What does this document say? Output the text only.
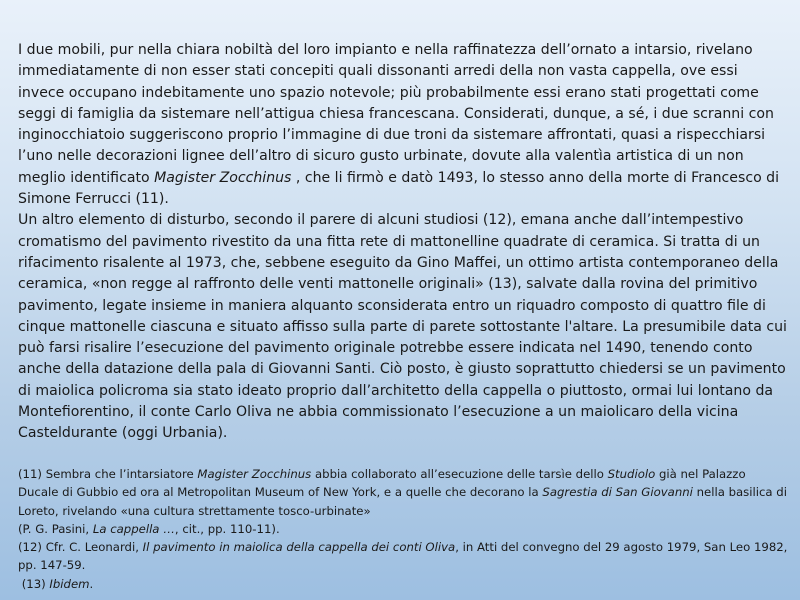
I due mobili, pur nella chiara nobiltà del loro impianto e nella raffinatezza dell’ornato a intarsio, rivelano immediatamente di non esser stati concepiti quali dissonanti arredi della non vasta cappella, ove essi invece occupano indebitamente uno spazio notevole; più probabilmente essi erano stati progettati come seggi di famiglia da sistemare nell’attigua chiesa francescana. Considerati, dunque, a sé, i due scranni con inginocchiatoio suggeriscono proprio l’immagine di due troni da sistemare affrontati, quasi a rispecchiarsi l’uno nelle decorazioni lignee dell’altro di sicuro gusto urbinate, dovute alla valentìa artistica di un non meglio identificato Magister Zocchinus , che li firmò e datò 1493, lo stesso anno della morte di Francesco di Simone Ferrucci (11).

Un altro elemento di disturbo, secondo il parere di alcuni studiosi (12), emana anche dall’intempestivo cromatismo del pavimento rivestito da una fitta rete di mattonelline quadrate di ceramica. Si tratta di un rifacimento risalente al 1973, che, sebbene eseguito da Gino Maffei, un ottimo artista contemporaneo della ceramica, «non regge al raffronto delle venti mattonelle originali» (13), salvate dalla rovina del primitivo pavimento, legate insieme in maniera alquanto sconsiderata entro un riquadro composto di quattro file di cinque mattonelle ciascuna e situato affisso sulla parte di parete sottostante l'altare. La presumibile data cui può farsi risalire l’esecuzione del pavimento originale potrebbe essere indicata nel 1490, tenendo conto anche della datazione della pala di Giovanni Santi. Ciò posto, è giusto soprattutto chiedersi se un pavimento di maiolica policroma sia stato ideato proprio dall’architetto della cappella o piuttosto, ormai lui lontano da Montefiorentino, il conte Carlo Oliva ne abbia commissionato l’esecuzione a un maiolicaro della vicina Casteldurante (oggi Urbania).

(11) Sembra che l’intarsiatore Magister Zocchinus abbia collaborato all’esecuzione delle tarsìe dello Studiolo già nel Palazzo Ducale di Gubbio ed ora al Metropolitan Museum of New York, e a quelle che decorano la Sagrestia di San Giovanni nella basilica di Loreto, rivelando «una cultura strettamente tosco-urbinate»

(P. G. Pasini, La cappella …, cit., pp. 110-11).

(12) Cfr. C. Leonardi, Il pavimento in maiolica della cappella dei conti Oliva, in Atti del convegno del 29 agosto 1979, San Leo 1982, pp. 147-59.

(13) Ibidem.
